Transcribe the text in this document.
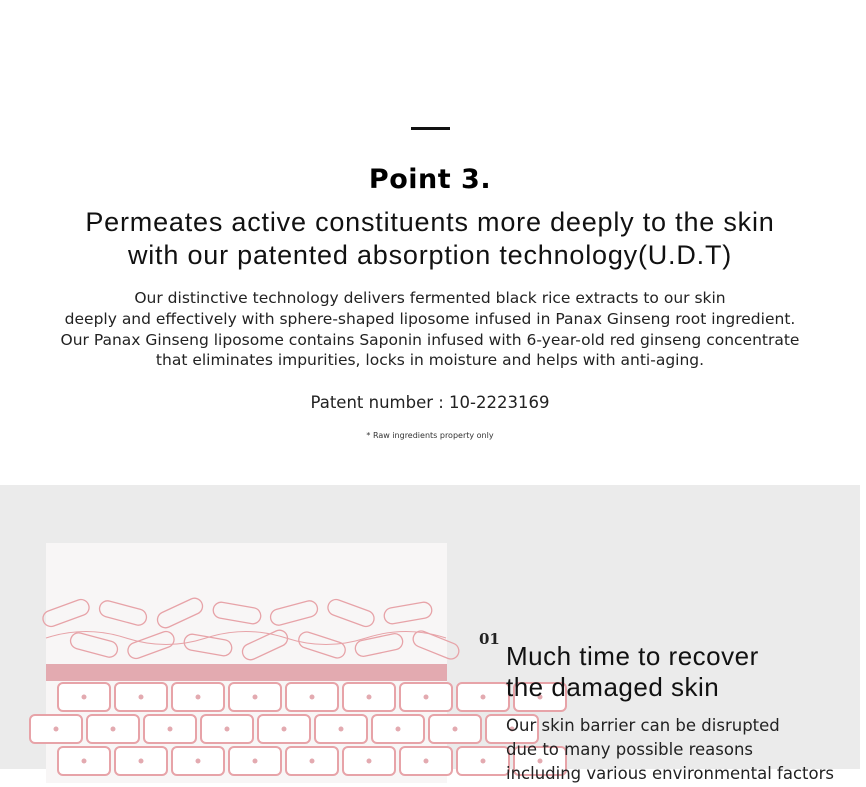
Point 3.
Permeates active constituents more deeply to the skin
with our patented absorption technology(U.D.T)
Our distinctive technology delivers fermented black rice extracts to our skin
deeply and effectively with sphere-shaped liposome infused in Panax Ginseng root ingredient.
Our Panax Ginseng liposome contains Saponin infused with 6-year-old red ginseng concentrate
that eliminates impurities, locks in moisture and helps with anti-aging.
Patent number : 10-2223169
* Raw ingredients property only
01
Much time to recover
the damaged skin
Our skin barrier can be disrupted
due to many possible reasons
including various environmental factors
